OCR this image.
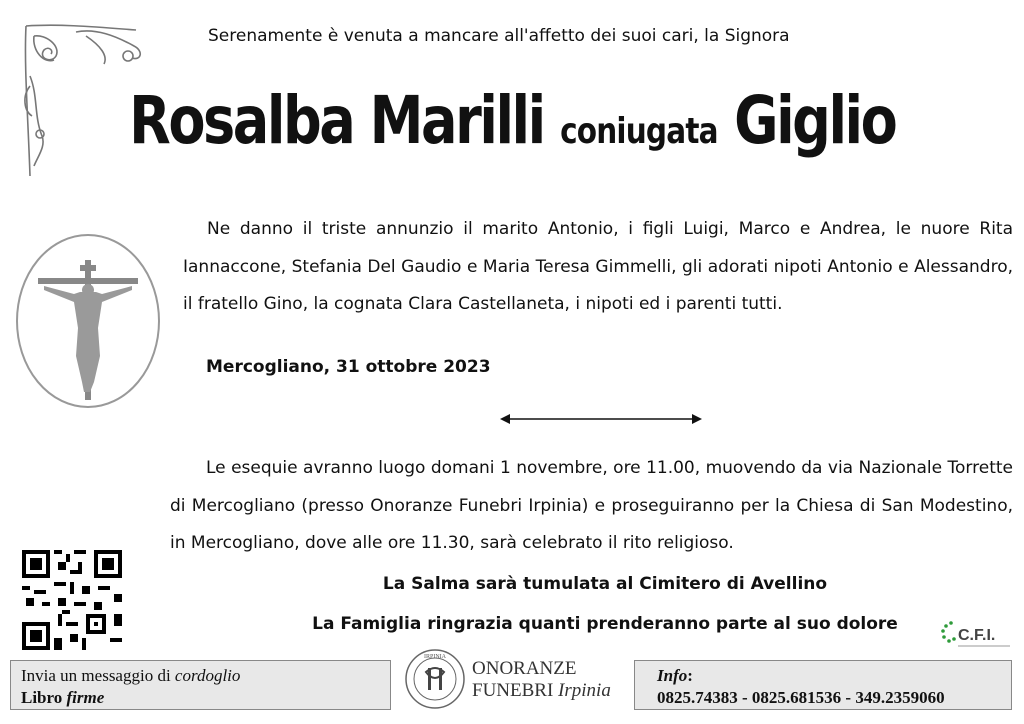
Serenamente è venuta a mancare all'affetto dei suoi cari, la Signora
Rosalba Marilli coniugata Giglio
Ne danno il triste annunzio il marito Antonio, i figli Luigi, Marco e Andrea, le nuore Rita Iannaccone, Stefania Del Gaudio e Maria Teresa Gimmelli, gli adorati nipoti Antonio e Alessandro, il fratello Gino, la cognata Clara Castellaneta, i nipoti ed i parenti tutti.
Mercogliano, 31 ottobre 2023
Le esequie avranno luogo domani 1 novembre, ore 11.00, muovendo da via Nazionale Torrette di Mercogliano (presso Onoranze Funebri Irpinia) e proseguiranno per la Chiesa di San Modestino, in Mercogliano, dove alle ore 11.30, sarà celebrato il rito religioso.
La Salma sarà tumulata al Cimitero di Avellino
La Famiglia ringrazia quanti prenderanno parte al suo dolore
C.F.I.
Invia un messaggio di cordoglio
Libro firme
IRPINIA
ONORANZE
FUNEBRI Irpinia
Info:
0825.74383 - 0825.681536 - 349.2359060
